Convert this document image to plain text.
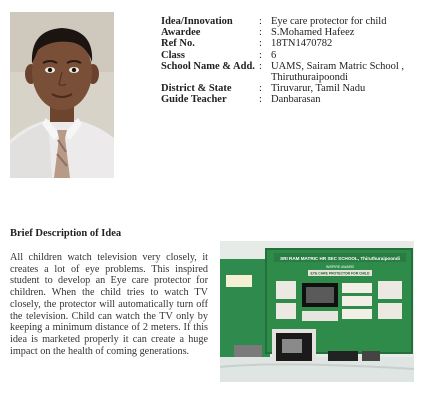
Idea/Innovation	: Eye care protector for child
Awardee	: S.Mohamed Hafeez
Ref No.	: 18TN1470782
Class	: 6
School Name & Add. : UAMS, Sairam Matric School ,
Thiruthuraipoondi
District & State	: Tiruvarur, Tamil Nadu
Guide Teacher	: Danbarasan
Brief Description of Idea
All children watch television very closely, it creates a lot of eye problems. This inspired student to develop an Eye care protector for children. When the child tries to watch TV closely, the protector will automatically turn off the television. Child can watch the TV only by keeping a minimum distance of 2 meters. If this idea is marketed properly it can create a huge impact on the health of coming generations.
SRI RAM MATRIC HR SEC SCHOOL, Thiruthuraipoondi
INSPIRE AWARD
EYE CARE PROTECTOR FOR CHILD
